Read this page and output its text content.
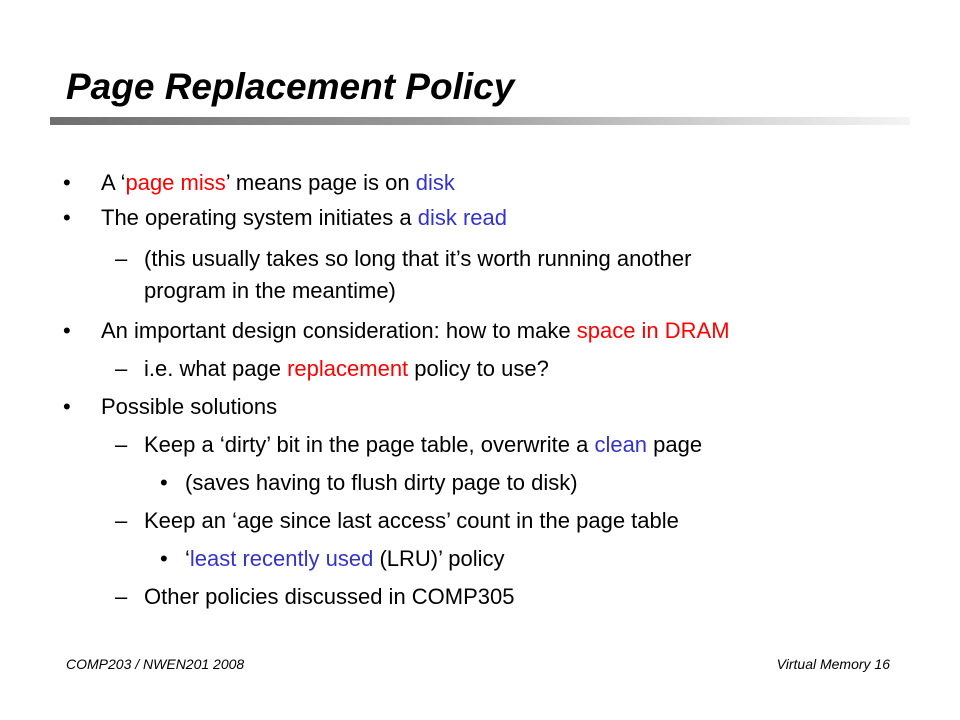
Page Replacement Policy
• A ‘page miss’ means page is on disk
• The operating system initiates a disk read
– (this usually takes so long that it’s worth running another
program in the meantime)
• An important design consideration: how to make space in DRAM
– i.e. what page replacement policy to use?
• Possible solutions
– Keep a ‘dirty’ bit in the page table, overwrite a clean page
• (saves having to flush dirty page to disk)
– Keep an ‘age since last access’ count in the page table
• ‘least recently used (LRU)’ policy
– Other policies discussed in COMP305
COMP203 / NWEN201 2008	Virtual Memory 16
